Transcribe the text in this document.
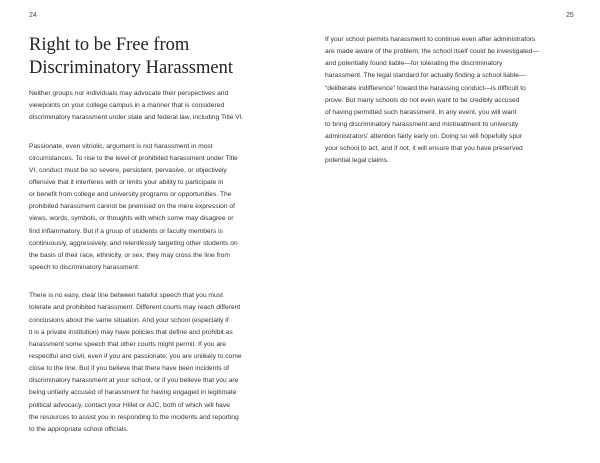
24	25
Right to be Free from
Discriminatory Harassment

Neither groups nor individuals may advocate their perspectives and
viewpoints on your college campus in a manner that is considered
discriminatory harassment under state and federal law, including Title VI.

Passionate, even vitriolic, argument is not harassment in most
circumstances. To rise to the level of prohibited harassment under Title
VI, conduct must be so severe, persistent, pervasive, or objectively
offensive that it interferes with or limits your ability to participate in
or benefit from college and university programs or opportunities. The
prohibited harassment cannot be premised on the mere expression of
views, words, symbols, or thoughts with which some may disagree or
find inflammatory. But if a group of students or faculty members is
continuously, aggressively, and relentlessly targeting other students on
the basis of their race, ethnicity, or sex, they may cross the line from
speech to discriminatory harassment.

There is no easy, clear line between hateful speech that you must
tolerate and prohibited harassment. Different courts may reach different
conclusions about the same situation. And your school (especially if
it is a private institution) may have policies that define and prohibit as
harassment some speech that other courts might permit. If you are
respectful and civil, even if you are passionate, you are unlikely to come
close to the line. But if you believe that there have been incidents of
discriminatory harassment at your school, or if you believe that you are
being unfairly accused of harassment for having engaged in legitimate
political advocacy, contact your Hillel or AJC, both of which will have
the resources to assist you in responding to the incidents and reporting
to the appropriate school officials.

If your school permits harassment to continue even after administrators
are made aware of the problem, the school itself could be investigated—
and potentially found liable—for tolerating the discriminatory
harassment. The legal standard for actually finding a school liable—
“deliberate indifference” toward the harassing conduct—is difficult to
prove. But many schools do not even want to be credibly accused
of having permitted such harassment. In any event, you will want
to bring discriminatory harassment and mistreatment to university
administrators’ attention fairly early on. Doing so will hopefully spur
your school to act, and if not, it will ensure that you have preserved
potential legal claims.
